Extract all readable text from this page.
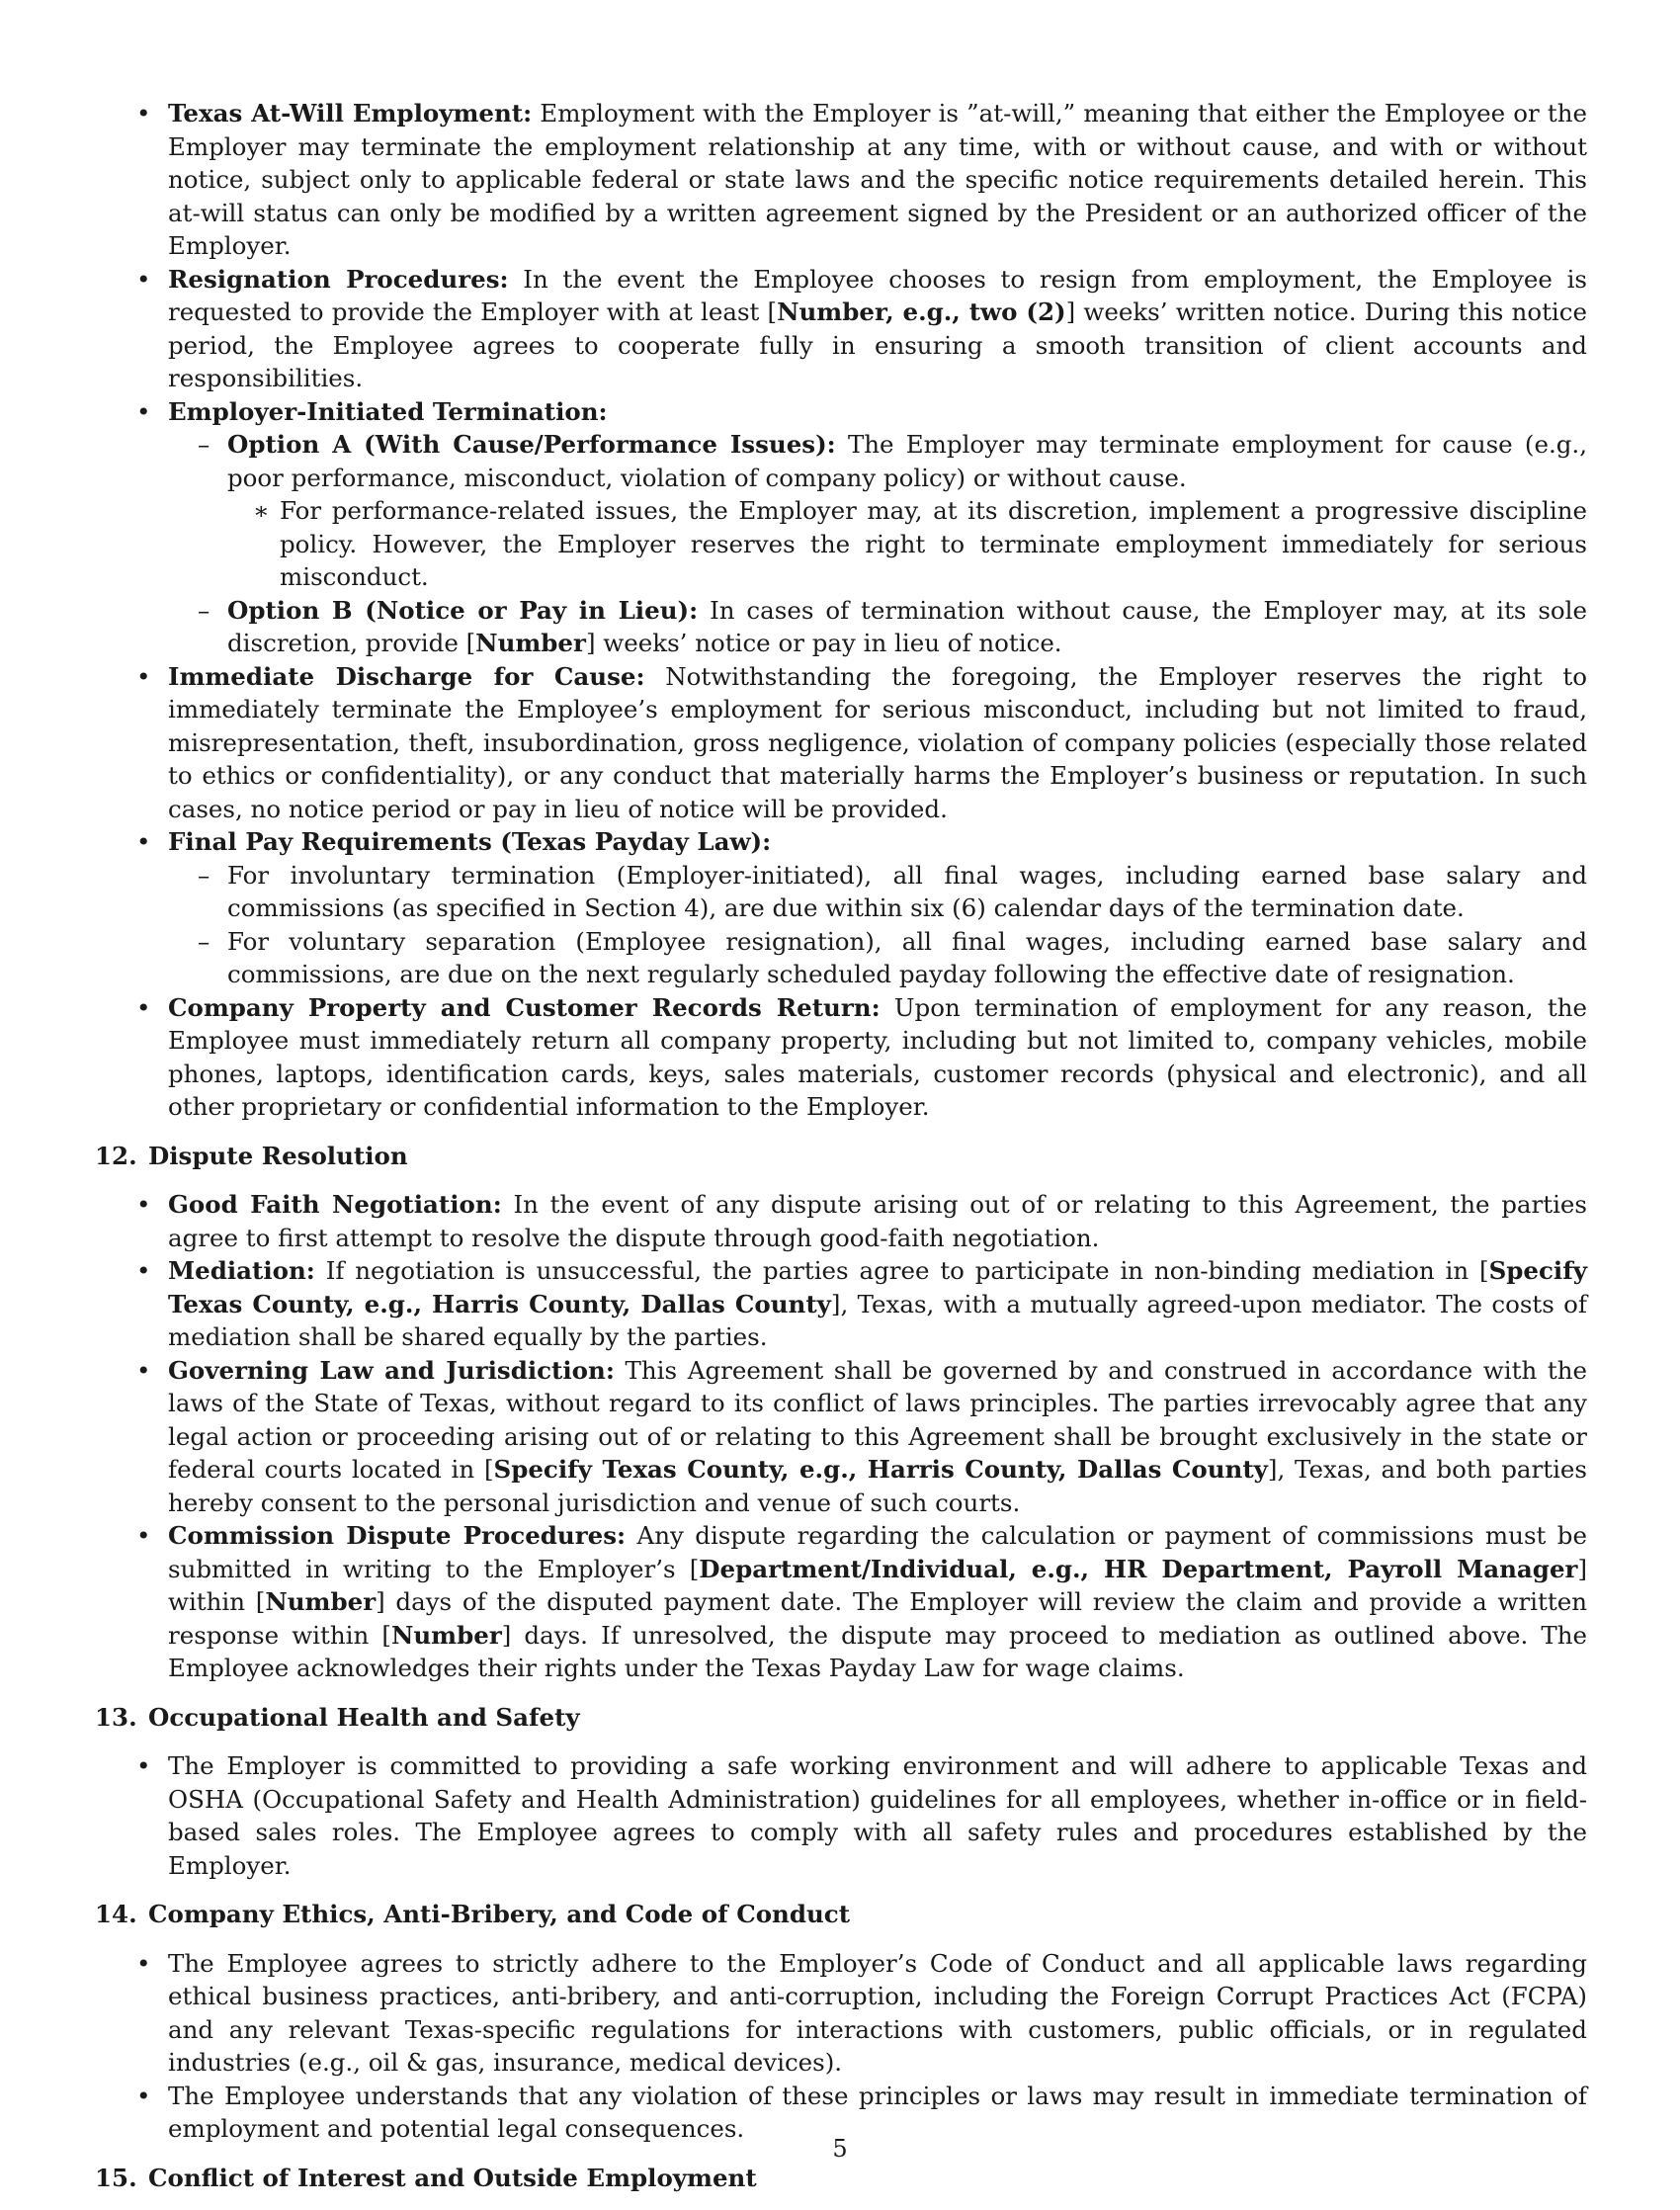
• Texas At-Will Employment: Employment with the Employer is ”at-will,” meaning that either the Employee or the Employer may terminate the employment relationship at any time, with or without cause, and with or without notice, subject only to applicable federal or state laws and the specific notice requirements detailed herein. This at-will status can only be modified by a written agreement signed by the President or an authorized officer of the Employer.
• Resignation Procedures: In the event the Employee chooses to resign from employment, the Employee is requested to provide the Employer with at least [Number, e.g., two (2)] weeks’ written notice. During this notice period, the Employee agrees to cooperate fully in ensuring a smooth transition of client accounts and responsibilities.
• Employer-Initiated Termination:
– Option A (With Cause/Performance Issues): The Employer may terminate employment for cause (e.g., poor performance, misconduct, violation of company policy) or without cause.
∗ For performance-related issues, the Employer may, at its discretion, implement a progressive discipline policy. However, the Employer reserves the right to terminate employment immediately for serious misconduct.
– Option B (Notice or Pay in Lieu): In cases of termination without cause, the Employer may, at its sole discretion, provide [Number] weeks’ notice or pay in lieu of notice.
• Immediate Discharge for Cause: Notwithstanding the foregoing, the Employer reserves the right to immediately terminate the Employee’s employment for serious misconduct, including but not limited to fraud, misrepresentation, theft, insubordination, gross negligence, violation of company policies (especially those related to ethics or confidentiality), or any conduct that materially harms the Employer’s business or reputation. In such cases, no notice period or pay in lieu of notice will be provided.
• Final Pay Requirements (Texas Payday Law):
– For involuntary termination (Employer-initiated), all final wages, including earned base salary and commissions (as specified in Section 4), are due within six (6) calendar days of the termination date.
– For voluntary separation (Employee resignation), all final wages, including earned base salary and commissions, are due on the next regularly scheduled payday following the effective date of resignation.
• Company Property and Customer Records Return: Upon termination of employment for any reason, the Employee must immediately return all company property, including but not limited to, company vehicles, mobile phones, laptops, identification cards, keys, sales materials, customer records (physical and electronic), and all other proprietary or confidential information to the Employer.
12. Dispute Resolution
• Good Faith Negotiation: In the event of any dispute arising out of or relating to this Agreement, the parties agree to first attempt to resolve the dispute through good-faith negotiation.
• Mediation: If negotiation is unsuccessful, the parties agree to participate in non-binding mediation in [Specify Texas County, e.g., Harris County, Dallas County], Texas, with a mutually agreed-upon mediator. The costs of mediation shall be shared equally by the parties.
• Governing Law and Jurisdiction: This Agreement shall be governed by and construed in accordance with the laws of the State of Texas, without regard to its conflict of laws principles. The parties irrevocably agree that any legal action or proceeding arising out of or relating to this Agreement shall be brought exclusively in the state or federal courts located in [Specify Texas County, e.g., Harris County, Dallas County], Texas, and both parties hereby consent to the personal jurisdiction and venue of such courts.
• Commission Dispute Procedures: Any dispute regarding the calculation or payment of commissions must be submitted in writing to the Employer’s [Department/Individual, e.g., HR Department, Payroll Manager] within [Number] days of the disputed payment date. The Employer will review the claim and provide a written response within [Number] days. If unresolved, the dispute may proceed to mediation as outlined above. The Employee acknowledges their rights under the Texas Payday Law for wage claims.
13. Occupational Health and Safety
• The Employer is committed to providing a safe working environment and will adhere to applicable Texas and OSHA (Occupational Safety and Health Administration) guidelines for all employees, whether in-office or in field-based sales roles. The Employee agrees to comply with all safety rules and procedures established by the Employer.
14. Company Ethics, Anti-Bribery, and Code of Conduct
• The Employee agrees to strictly adhere to the Employer’s Code of Conduct and all applicable laws regarding ethical business practices, anti-bribery, and anti-corruption, including the Foreign Corrupt Practices Act (FCPA) and any relevant Texas-specific regulations for interactions with customers, public officials, or in regulated industries (e.g., oil & gas, insurance, medical devices).
• The Employee understands that any violation of these principles or laws may result in immediate termination of employment and potential legal consequences.
15. Conflict of Interest and Outside Employment
5
